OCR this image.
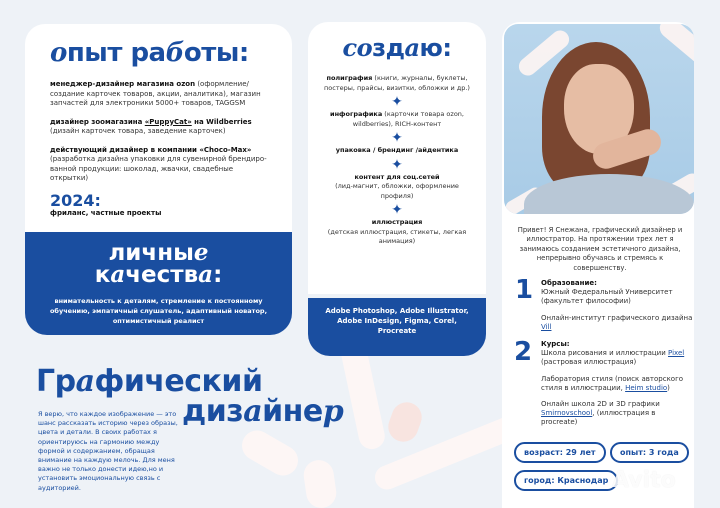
опыт работы:
менеджер-дизайнер магазина ozon (оформление/ создание карточек товаров, акции, аналитика), магазин запчастей для электроники 5000+ товаров, TAGGSM
дизайнер зоомагазина «PuppyCat» на Wildberries
(дизайн карточек товара, заведение карточек)
действующий дизайнер в компании «Choco-Max»
(разработка дизайна упаковки для сувенирной брендиро-ванной продукции: шоколад, жвачки, свадебные открытки)
2024:
фриланс, частные проекты
личные
качества:
внимательность к деталям, стремление к постоянному обучению, эмпатичный слушатель, адаптивный новатор, оптимистичный реалист
Графический
дизайнер
Я верю, что каждое изображение — это шанс рассказать историю через образы, цвета и детали. В своих работах я ориентируюсь на гармонию между формой и содержанием, обращая внимание на каждую мелочь. Для меня важно не только донести идею,но и установить эмоциональную связь с аудиторией.
создаю:
полиграфия (книги, журналы, буклеты, постеры, прайсы, визитки, обложки и др.)
✦
инфографика (карточки товара ozon, wildberries), RICH-контент
✦
упаковка / брендинг /айдентика
✦
контент для соц.сетей
(лид-магнит, обложки, оформление профиля)
✦
иллюстрация
(детская иллюстрация, стикеты, легкая анимация)
Adobe Photoshop, Adobe Illustrator, Adobe InDesign, Figma, Corel, Procreate
Привет! Я Снежана, графический дизайнер и иллюстратор. На протяжении трех лет я занимаюсь созданием эстетичного дизайна, непрерывно обучаясь и стремясь к совершенству.
1
2

Образование:
Южный Федеральный Университет (факультет философии)

Онлайн-институт графического дизайна Vill

Курсы:
Школа рисования и иллюстрации Pixel
(растровая иллюстрация)

Лаборатория стиля (поиск авторского стиля в иллюстрации, Heim studio)

Онлайн школа 2D и 3D графики Smirnovschool, (иллюстрация в procreate)

возраст: 29 лет	опыт: 3 года
город: Краснодар Avito
